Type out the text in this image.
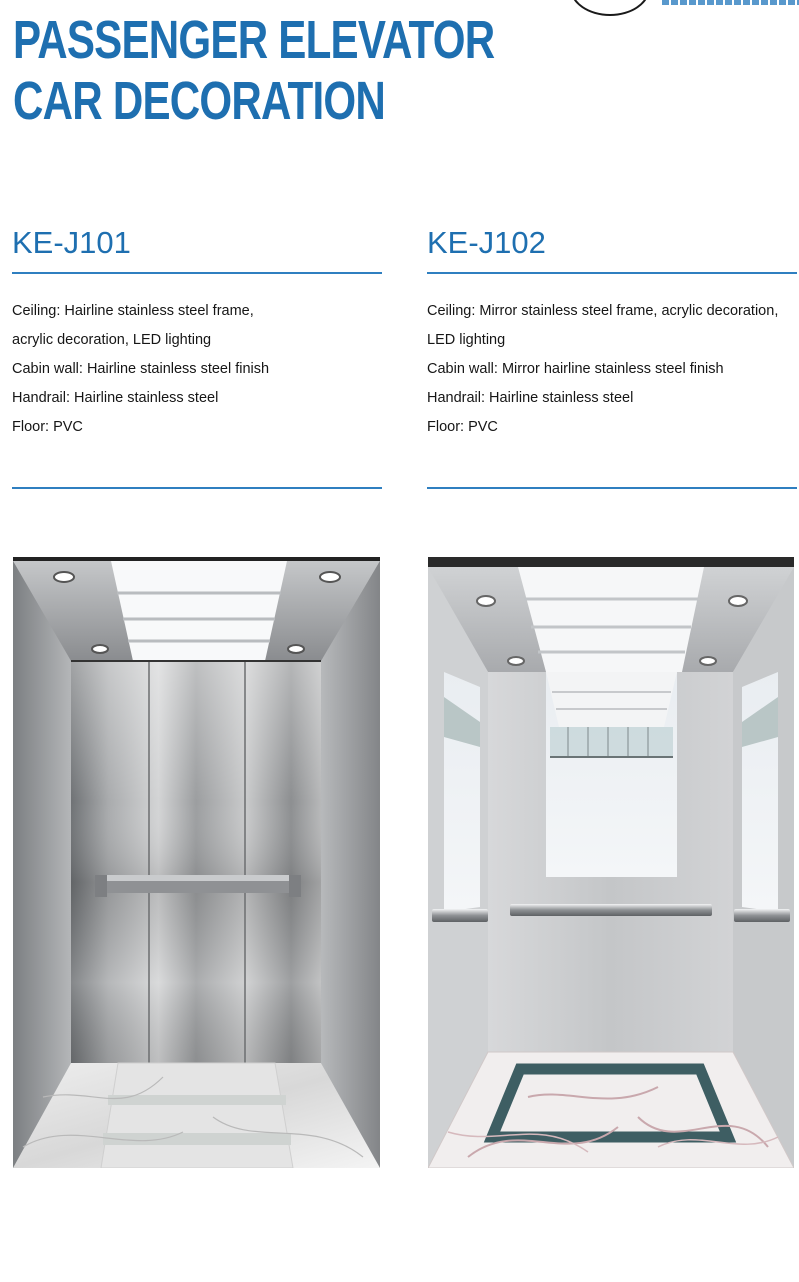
PASSENGER ELEVATOR
CAR DECORATION
KE-J101
Ceiling: Hairline stainless steel frame,
acrylic decoration, LED lighting
Cabin wall: Hairline stainless steel finish
Handrail: Hairline stainless steel
Floor: PVC
KE-J102
Ceiling: Mirror stainless steel frame, acrylic decoration,
LED lighting
Cabin wall: Mirror hairline stainless steel finish
Handrail: Hairline stainless steel
Floor: PVC
